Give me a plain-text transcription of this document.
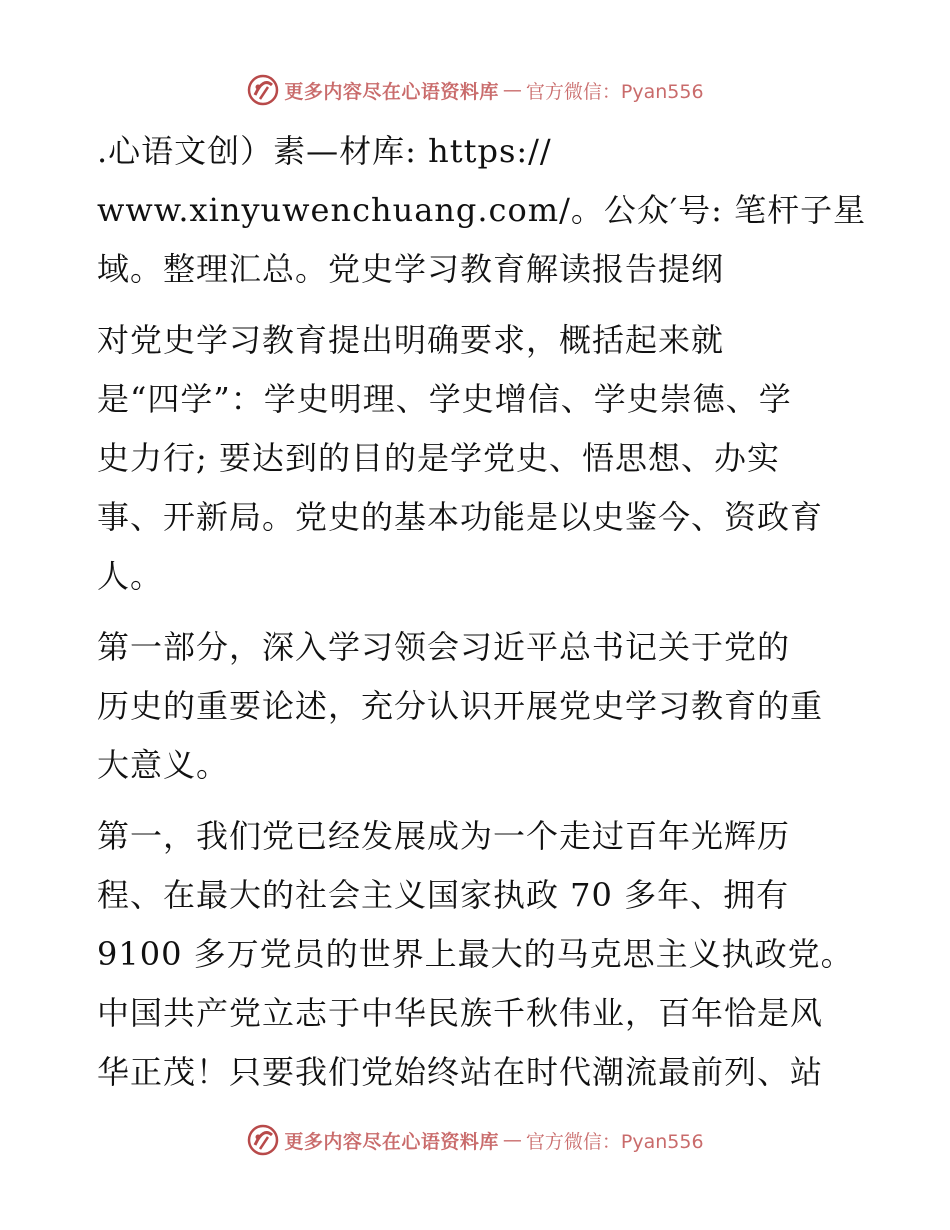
更多内容尽在心语资料库 — 官方微信：Pyan556
.心语文创）素—材库: https://
www.xinyuwenchuang.com/。公众′号: 笔杆子星
域。整理汇总。党史学习教育解读报告提纲
对党史学习教育提出明确要求，概括起来就
是“四学”：学史明理、学史增信、学史崇德、学
史力行; 要达到的目的是学党史、悟思想、办实
事、开新局。党史的基本功能是以史鉴今、资政育
人。
第一部分，深入学习领会习近平总书记关于党的
历史的重要论述，充分认识开展党史学习教育的重
大意义。
第一，我们党已经发展成为一个走过百年光辉历
程、在最大的社会主义国家执政 70 多年、拥有
9100 多万党员的世界上最大的马克思主义执政党。
中国共产党立志于中华民族千秋伟业，百年恰是风
华正茂！只要我们党始终站在时代潮流最前列、站
更多内容尽在心语资料库 — 官方微信：Pyan556
